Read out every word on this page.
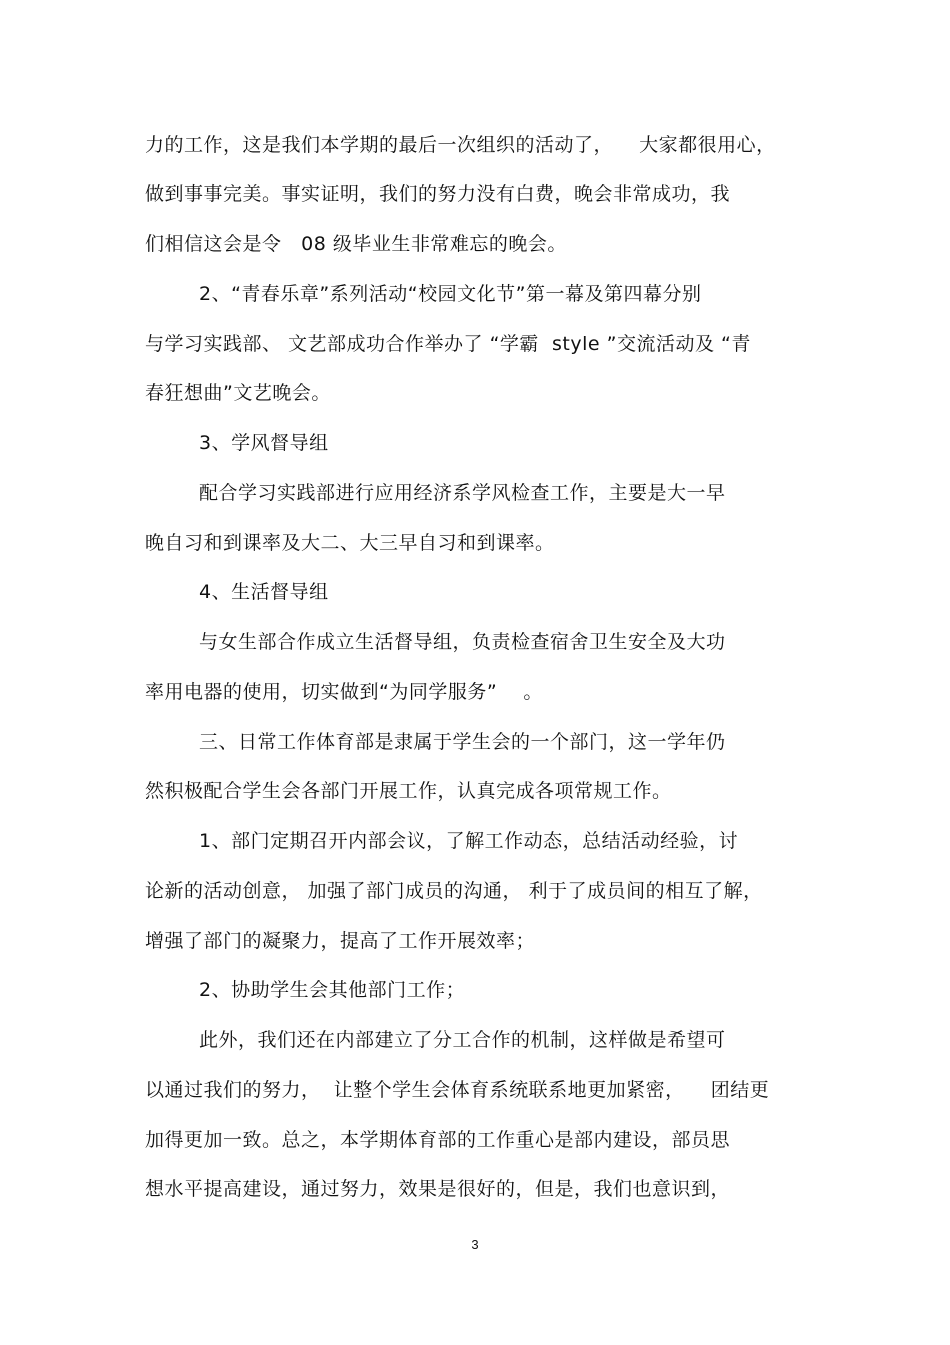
力的工作，这是我们本学期的最后一次组织的活动了，    大家都很用心，
做到事事完美。事实证明，我们的努力没有白费，晚会非常成功，我
们相信这会是令   08 级毕业生非常难忘的晚会。
2、“青春乐章”系列活动“校园文化节”第一幕及第四幕分别
与学习实践部、 文艺部成功合作举办了 “学霸  style ”交流活动及 “青
春狂想曲”文艺晚会。
3、学风督导组
配合学习实践部进行应用经济系学风检查工作，主要是大一早
晚自习和到课率及大二、大三早自习和到课率。
4、生活督导组
与女生部合作成立生活督导组，负责检查宿舍卫生安全及大功
率用电器的使用，切实做到“为同学服务”    。
三、日常工作体育部是隶属于学生会的一个部门，这一学年仍
然积极配合学生会各部门开展工作，认真完成各项常规工作。
1、部门定期召开内部会议，了解工作动态，总结活动经验，讨
论新的活动创意， 加强了部门成员的沟通， 利于了成员间的相互了解，
增强了部门的凝聚力，提高了工作开展效率；
2、协助学生会其他部门工作；
此外，我们还在内部建立了分工合作的机制，这样做是希望可
以通过我们的努力，  让整个学生会体育系统联系地更加紧密，    团结更
加得更加一致。总之，本学期体育部的工作重心是部内建设，部员思
想水平提高建设，通过努力，效果是很好的，但是，我们也意识到，
3
